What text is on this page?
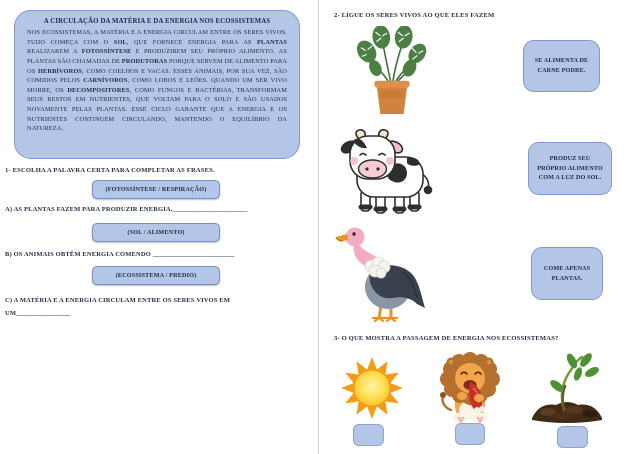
A CIRCULAÇÃO DA MATÉRIA E DA ENERGIA NOS ECOSSISTEMAS

NOS ECOSSISTEMAS, A MATÉRIA E A ENERGIA CIRCULAM ENTRE OS SERES VIVOS. TUDO COMEÇA COM O SOL, QUE FORNECE ENERGIA PARA AS PLANTAS REALIZAREM A FOTOSSÍNTESE E PRODUZIREM SEU PRÓPRIO ALIMENTO. AS PLANTAS SÃO CHAMADAS DE PRODUTORAS PORQUE SERVEM DE ALIMENTO PARA OS HERBÍVOROS, COMO COELHOS E VACAS. ESSES ANIMAIS, POR SUA VEZ, SÃO COMIDOS PELOS CARNÍVOROS, COMO LOBOS E LEÕES. QUANDO UM SER VIVO MORRE, OS DECOMPOSITORES, COMO FUNGOS E BACTÉRIAS, TRANSFORMAM SEUS RESTOS EM NUTRIENTES, QUE VOLTAM PARA O SOLO E SÃO USADOS NOVAMENTE PELAS PLANTAS. ESSE CICLO GARANTE QUE A ENERGIA E OS NUTRIENTES CONTINUEM CIRCULANDO, MANTENDO O EQUILÍBRIO DA NATUREZA.

1- ESCOLHA A PALAVRA CERTA PARA COMPLETAR AS FRASES.
(FOTOSSÍNTESE / RESPIRAÇÃO)
A) AS PLANTAS FAZEM PARA PRODUZIR ENERGIA.______________________
(SOL / ALIMENTO)
B) OS ANIMAIS OBTÊM ENERGIA COMENDO ________________________
(ECOSSISTEMA / PREDIO)
C) A MATÉRIA E A ENERGIA CIRCULAM ENTRE OS SERES VIVOS EM
UM________________
2- LIGUE OS SERES VIVOS AO QUE ELES FAZEM
SE ALIMENTA DE CARNE PODRE.
PRODUZ SEU PRÓPRIO ALIMENTO COM A LUZ DO SOL.
COME APENAS PLANTAS.
3- O QUE MOSTRA A PASSAGEM DE ENERGIA NOS ECOSSISTEMAS?
